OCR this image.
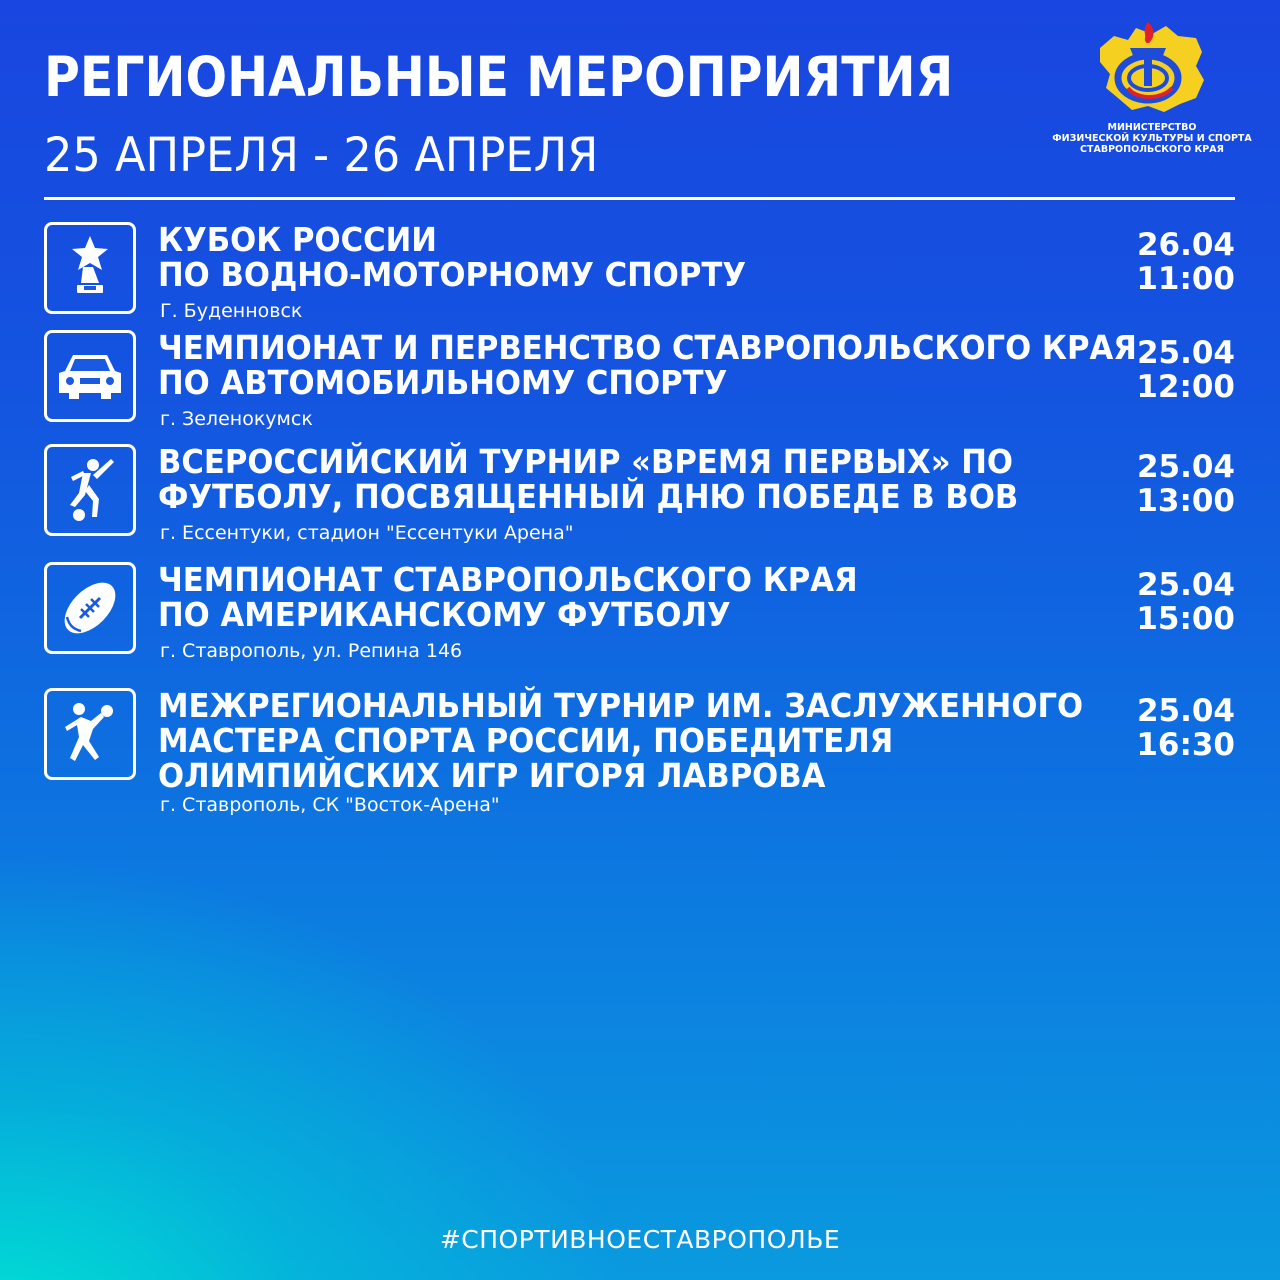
РЕГИОНАЛЬНЫЕ МЕРОПРИЯТИЯ
25 АПРЕЛЯ - 26 АПРЕЛЯ
МИНИСТЕРСТВО
ФИЗИЧЕСКОЙ КУЛЬТУРЫ И СПОРТА
СТАВРОПОЛЬСКОГО КРАЯ
КУБОК РОССИИ
ПО ВОДНО-МОТОРНОМУ СПОРТУ
Г. Буденновск
26.04
11:00
ЧЕМПИОНАТ И ПЕРВЕНСТВО СТАВРОПОЛЬСКОГО КРАЯ
ПО АВТОМОБИЛЬНОМУ СПОРТУ
г. Зеленокумск
25.04
12:00
ВСЕРОССИЙСКИЙ ТУРНИР «ВРЕМЯ ПЕРВЫХ» ПО
ФУТБОЛУ, ПОСВЯЩЕННЫЙ ДНЮ ПОБЕДЕ В ВОВ
г. Ессентуки, стадион "Ессентуки Арена"
25.04
13:00
ЧЕМПИОНАТ СТАВРОПОЛЬСКОГО КРАЯ
ПО АМЕРИКАНСКОМУ ФУТБОЛУ
г. Ставрополь, ул. Репина 146
25.04
15:00
МЕЖРЕГИОНАЛЬНЫЙ ТУРНИР ИМ. ЗАСЛУЖЕННОГО
МАСТЕРА СПОРТА РОССИИ, ПОБЕДИТЕЛЯ
ОЛИМПИЙСКИХ ИГР ИГОРЯ ЛАВРОВА
г. Ставрополь, СК "Восток-Арена"
25.04
16:30
#СПОРТИВНОЕСТАВРОПОЛЬЕ
